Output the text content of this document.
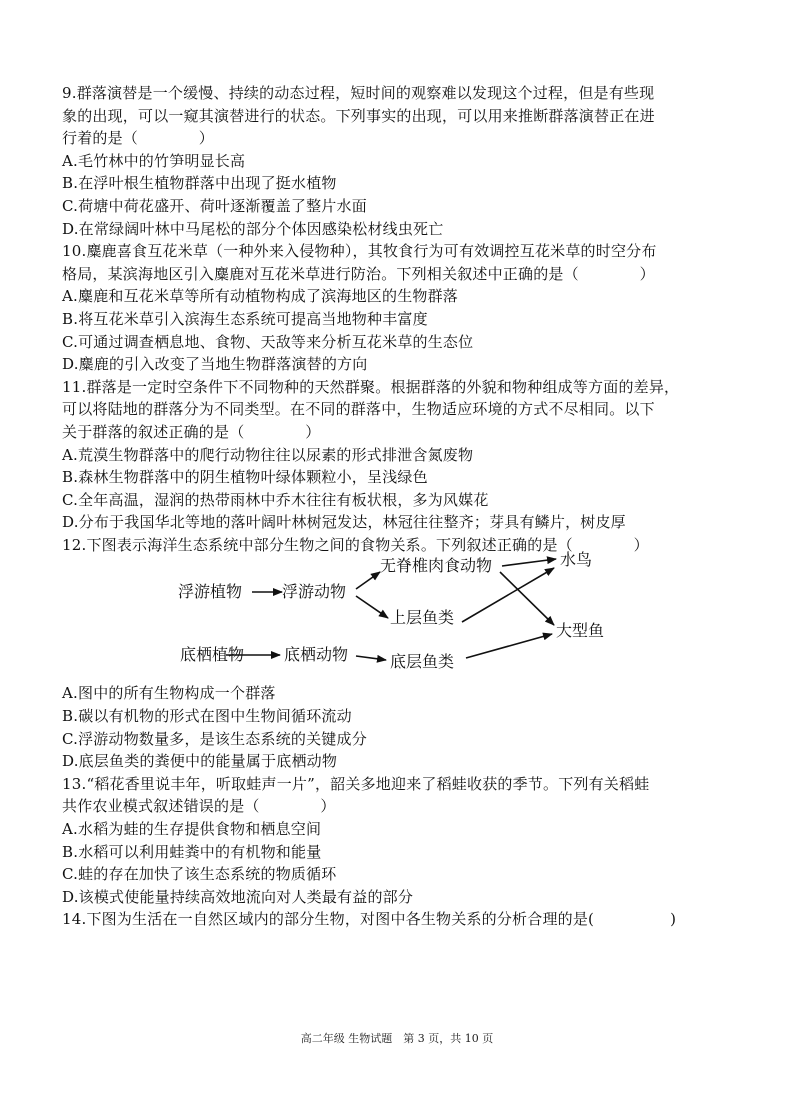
9.群落演替是一个缓慢、持续的动态过程，短时间的观察难以发现这个过程，但是有些现
象的出现，可以一窥其演替进行的状态。下列事实的出现，可以用来推断群落演替正在进
行着的是（　　　　）
A.毛竹林中的竹笋明显长高
B.在浮叶根生植物群落中出现了挺水植物
C.荷塘中荷花盛开、荷叶逐渐覆盖了整片水面
D.在常绿阔叶林中马尾松的部分个体因感染松材线虫死亡
10.麋鹿喜食互花米草（一种外来入侵物种），其牧食行为可有效调控互花米草的时空分布
格局，某滨海地区引入麋鹿对互花米草进行防治。下列相关叙述中正确的是（　　　　）
A.麋鹿和互花米草等所有动植物构成了滨海地区的生物群落
B.将互花米草引入滨海生态系统可提高当地物种丰富度
C.可通过调查栖息地、食物、天敌等来分析互花米草的生态位
D.麋鹿的引入改变了当地生物群落演替的方向
11.群落是一定时空条件下不同物种的天然群聚。根据群落的外貌和物种组成等方面的差异，
可以将陆地的群落分为不同类型。在不同的群落中，生物适应环境的方式不尽相同。以下
关于群落的叙述正确的是（　　　　）
A.荒漠生物群落中的爬行动物往往以尿素的形式排泄含氮废物
B.森林生物群落中的阴生植物叶绿体颗粒小，呈浅绿色
C.全年高温，湿润的热带雨林中乔木往往有板状根，多为风媒花
D.分布于我国华北等地的落叶阔叶林树冠发达，林冠往往整齐；芽具有鳞片，树皮厚
12.下图表示海洋生态系统中部分生物之间的食物关系。下列叙述正确的是（　　　　）
浮游植物 浮游动物
无脊椎肉食动物	水鸟
上层鱼类
大型鱼
底栖植物 底栖动物	底层鱼类
A.图中的所有生物构成一个群落
B.碳以有机物的形式在图中生物间循环流动
C.浮游动物数量多，是该生态系统的关键成分
D.底层鱼类的粪便中的能量属于底栖动物
13.“稻花香里说丰年，听取蛙声一片”，韶关多地迎来了稻蛙收获的季节。下列有关稻蛙
共作农业模式叙述错误的是（　　　　）
A.水稻为蛙的生存提供食物和栖息空间
B.水稻可以利用蛙粪中的有机物和能量
C.蛙的存在加快了该生态系统的物质循环
D.该模式使能量持续高效地流向对人类最有益的部分
14.下图为生活在一自然区域内的部分生物，对图中各生物关系的分析合理的是(　　　　　)
高二年级 生物试题　第 3 页，共 10 页
